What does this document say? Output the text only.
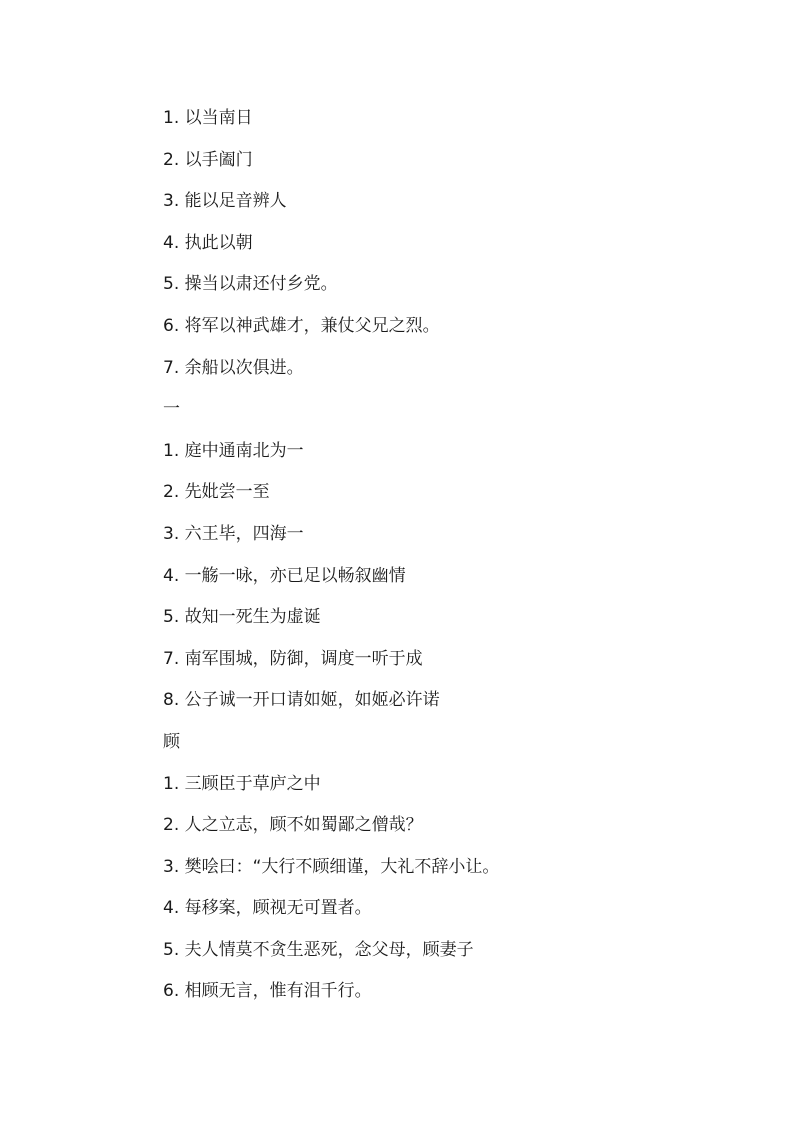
1. 以当南日
2. 以手阖门
3. 能以足音辨人
4. 执此以朝
5. 操当以肃还付乡党。
6. 将军以神武雄才，兼仗父兄之烈。
7. 余船以次俱进。
一
1. 庭中通南北为一
2. 先妣尝一至
3. 六王毕，四海一
4. 一觞一咏，亦已足以畅叙幽情
5. 故知一死生为虚诞
7. 南军围城，防御，调度一听于成
8. 公子诚一开口请如姬，如姬必许诺
顾
1. 三顾臣于草庐之中
2. 人之立志，顾不如蜀鄙之僧哉？
3. 樊哙曰：“大行不顾细谨，大礼不辞小让。
4. 每移案，顾视无可置者。
5. 夫人情莫不贪生恶死，念父母，顾妻子
6. 相顾无言，惟有泪千行。
